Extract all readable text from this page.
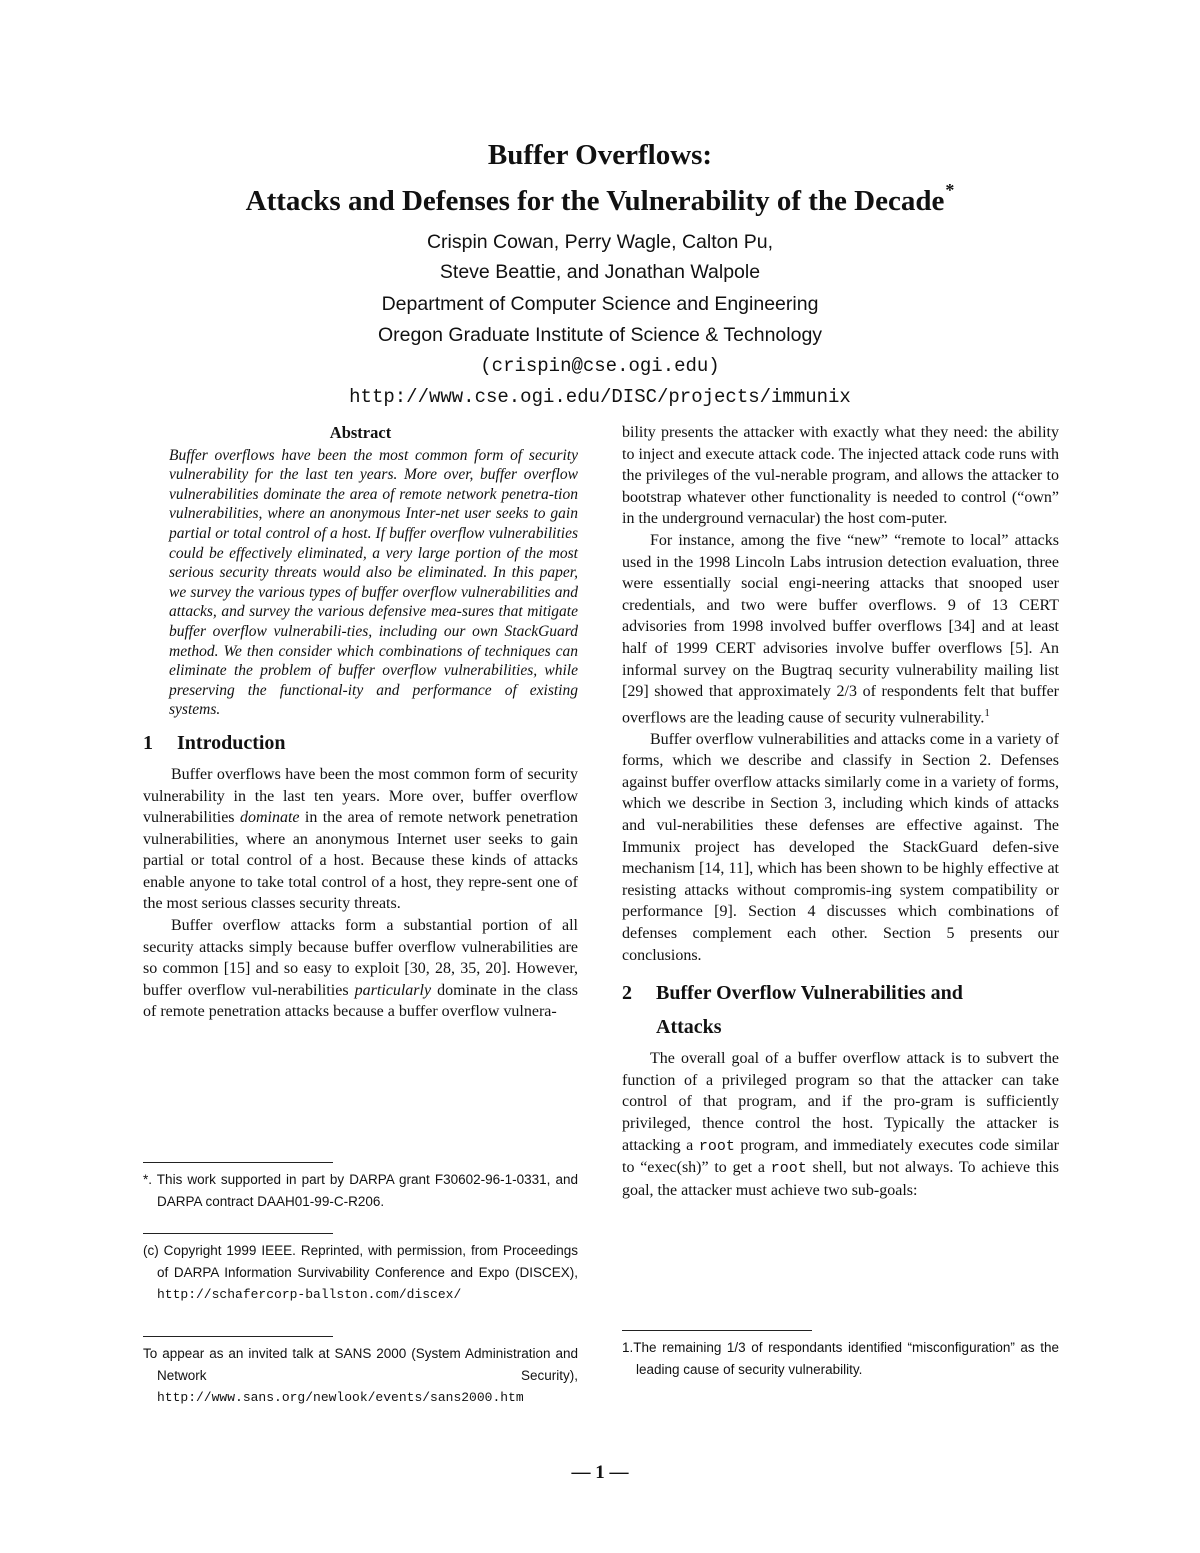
Buffer Overflows:
Attacks and Defenses for the Vulnerability of the Decade*
Crispin Cowan, Perry Wagle, Calton Pu,
Steve Beattie, and Jonathan Walpole
Department of Computer Science and Engineering
Oregon Graduate Institute of Science & Technology
(crispin@cse.ogi.edu)
http://www.cse.ogi.edu/DISC/projects/immunix
Abstract

Buffer overflows have been the most common form of security vulnerability for the last ten years. More over, buffer overflow vulnerabilities dominate the area of remote network penetra-tion vulnerabilities, where an anonymous Inter-net user seeks to gain partial or total control of a host. If buffer overflow vulnerabilities could be effectively eliminated, a very large portion of the most serious security threats would also be eliminated. In this paper, we survey the various types of buffer overflow vulnerabilities and attacks, and survey the various defensive mea-sures that mitigate buffer overflow vulnerabili-ties, including our own StackGuard method. We then consider which combinations of techniques can eliminate the problem of buffer overflow vulnerabilities, while preserving the functional-ity and performance of existing systems.

1 Introduction

Buffer overflows have been the most common form of security vulnerability in the last ten years. More over, buffer overflow vulnerabilities dominate in the area of remote network penetration vulnerabilities, where an anonymous Internet user seeks to gain partial or total control of a host. Because these kinds of attacks enable anyone to take total control of a host, they repre-sent one of the most serious classes security threats.

Buffer overflow attacks form a substantial portion of all security attacks simply because buffer overflow vulnerabilities are so common [15] and so easy to exploit [30, 28, 35, 20]. However, buffer overflow vul-nerabilities particularly dominate in the class of remote penetration attacks because a buffer overflow vulnera-

*. This work supported in part by DARPA grant F30602-96-1-0331, and DARPA contract DAAH01-99-C-R206.

(c) Copyright 1999 IEEE. Reprinted, with permission, from Proceedings of DARPA Information Survivability Conference and Expo (DISCEX), http://schafercorp-ballston.com/discex/

To appear as an invited talk at SANS 2000 (System Administration and Network Security), http://www.sans.org/newlook/events/sans2000.htm

bility presents the attacker with exactly what they need: the ability to inject and execute attack code. The injected attack code runs with the privileges of the vul-nerable program, and allows the attacker to bootstrap whatever other functionality is needed to control (“own” in the underground vernacular) the host com-puter.

For instance, among the five “new” “remote to local” attacks used in the 1998 Lincoln Labs intrusion detection evaluation, three were essentially social engi-neering attacks that snooped user credentials, and two were buffer overflows. 9 of 13 CERT advisories from 1998 involved buffer overflows [34] and at least half of 1999 CERT advisories involve buffer overflows [5]. An informal survey on the Bugtraq security vulnerability mailing list [29] showed that approximately 2/3 of respondents felt that buffer overflows are the leading cause of security vulnerability.$^1$

Buffer overflow vulnerabilities and attacks come in a variety of forms, which we describe and classify in Section 2. Defenses against buffer overflow attacks similarly come in a variety of forms, which we describe in Section 3, including which kinds of attacks and vul-nerabilities these defenses are effective against. The Immunix project has developed the StackGuard defen-sive mechanism [14, 11], which has been shown to be highly effective at resisting attacks without compromis-ing system compatibility or performance [9]. Section 4 discusses which combinations of defenses complement each other. Section 5 presents our conclusions.

2 Buffer Overflow Vulnerabilities and
Attacks

The overall goal of a buffer overflow attack is to subvert the function of a privileged program so that the attacker can take control of that program, and if the pro-gram is sufficiently privileged, thence control the host. Typically the attacker is attacking a root program, and immediately executes code similar to “exec(sh)” to get a root shell, but not always. To achieve this goal, the attacker must achieve two sub-goals:

1.The remaining 1/3 of respondants identified “misconfiguration” as the leading cause of security vulnerability.

— 1 —
